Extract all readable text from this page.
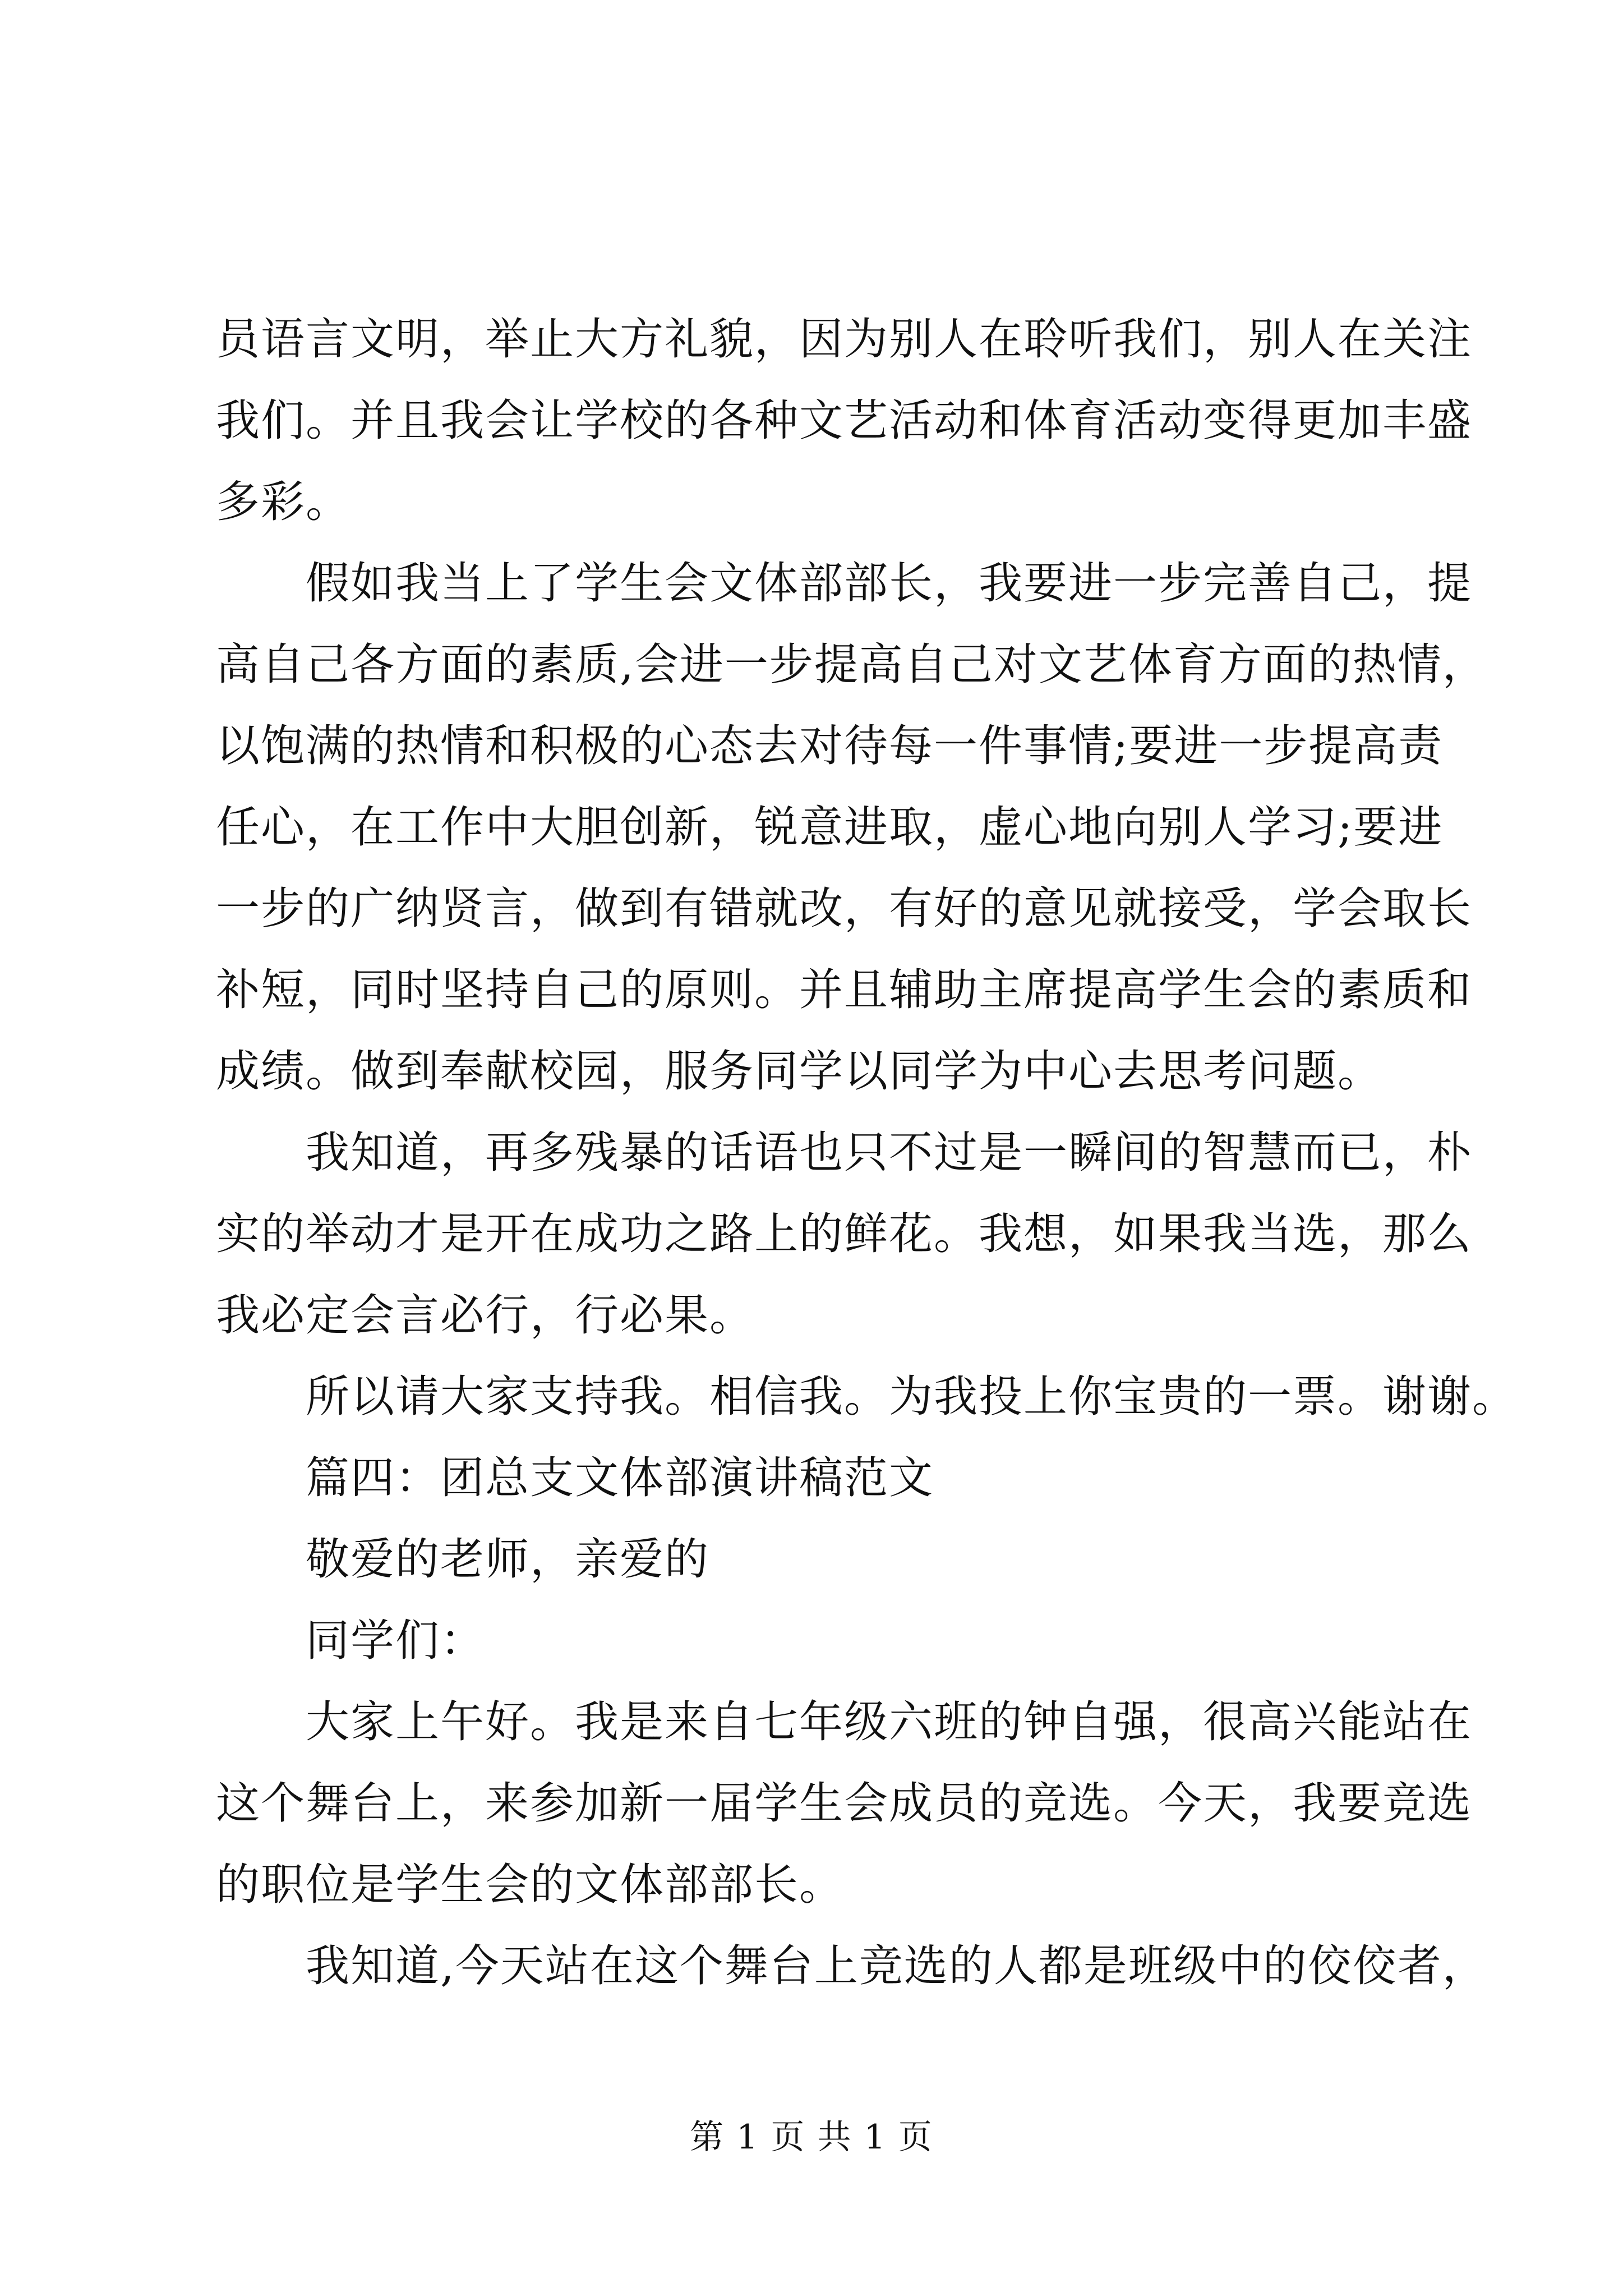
员语言文明，举止大方礼貌，因为别人在聆听我们，别人在关注
我们。并且我会让学校的各种文艺活动和体育活动变得更加丰盛
多彩。
假如我当上了学生会文体部部长，我要进一步完善自己，提
高自己各方面的素质,会进一步提高自己对文艺体育方面的热情，
以饱满的热情和积极的心态去对待每一件事情;要进一步提高责
任心，在工作中大胆创新，锐意进取，虚心地向别人学习;要进
一步的广纳贤言，做到有错就改，有好的意见就接受，学会取长
补短，同时坚持自己的原则。并且辅助主席提高学生会的素质和
成绩。做到奉献校园，服务同学以同学为中心去思考问题。
我知道，再多残暴的话语也只不过是一瞬间的智慧而已，朴
实的举动才是开在成功之路上的鲜花。我想，如果我当选，那么
我必定会言必行，行必果。
所以请大家支持我。相信我。为我投上你宝贵的一票。谢谢。
篇四：团总支文体部演讲稿范文
敬爱的老师，亲爱的
同学们：
大家上午好。我是来自七年级六班的钟自强，很高兴能站在
这个舞台上，来参加新一届学生会成员的竞选。今天，我要竞选
的职位是学生会的文体部部长。
我知道,今天站在这个舞台上竞选的人都是班级中的佼佼者，
第 1 页 共 1 页
